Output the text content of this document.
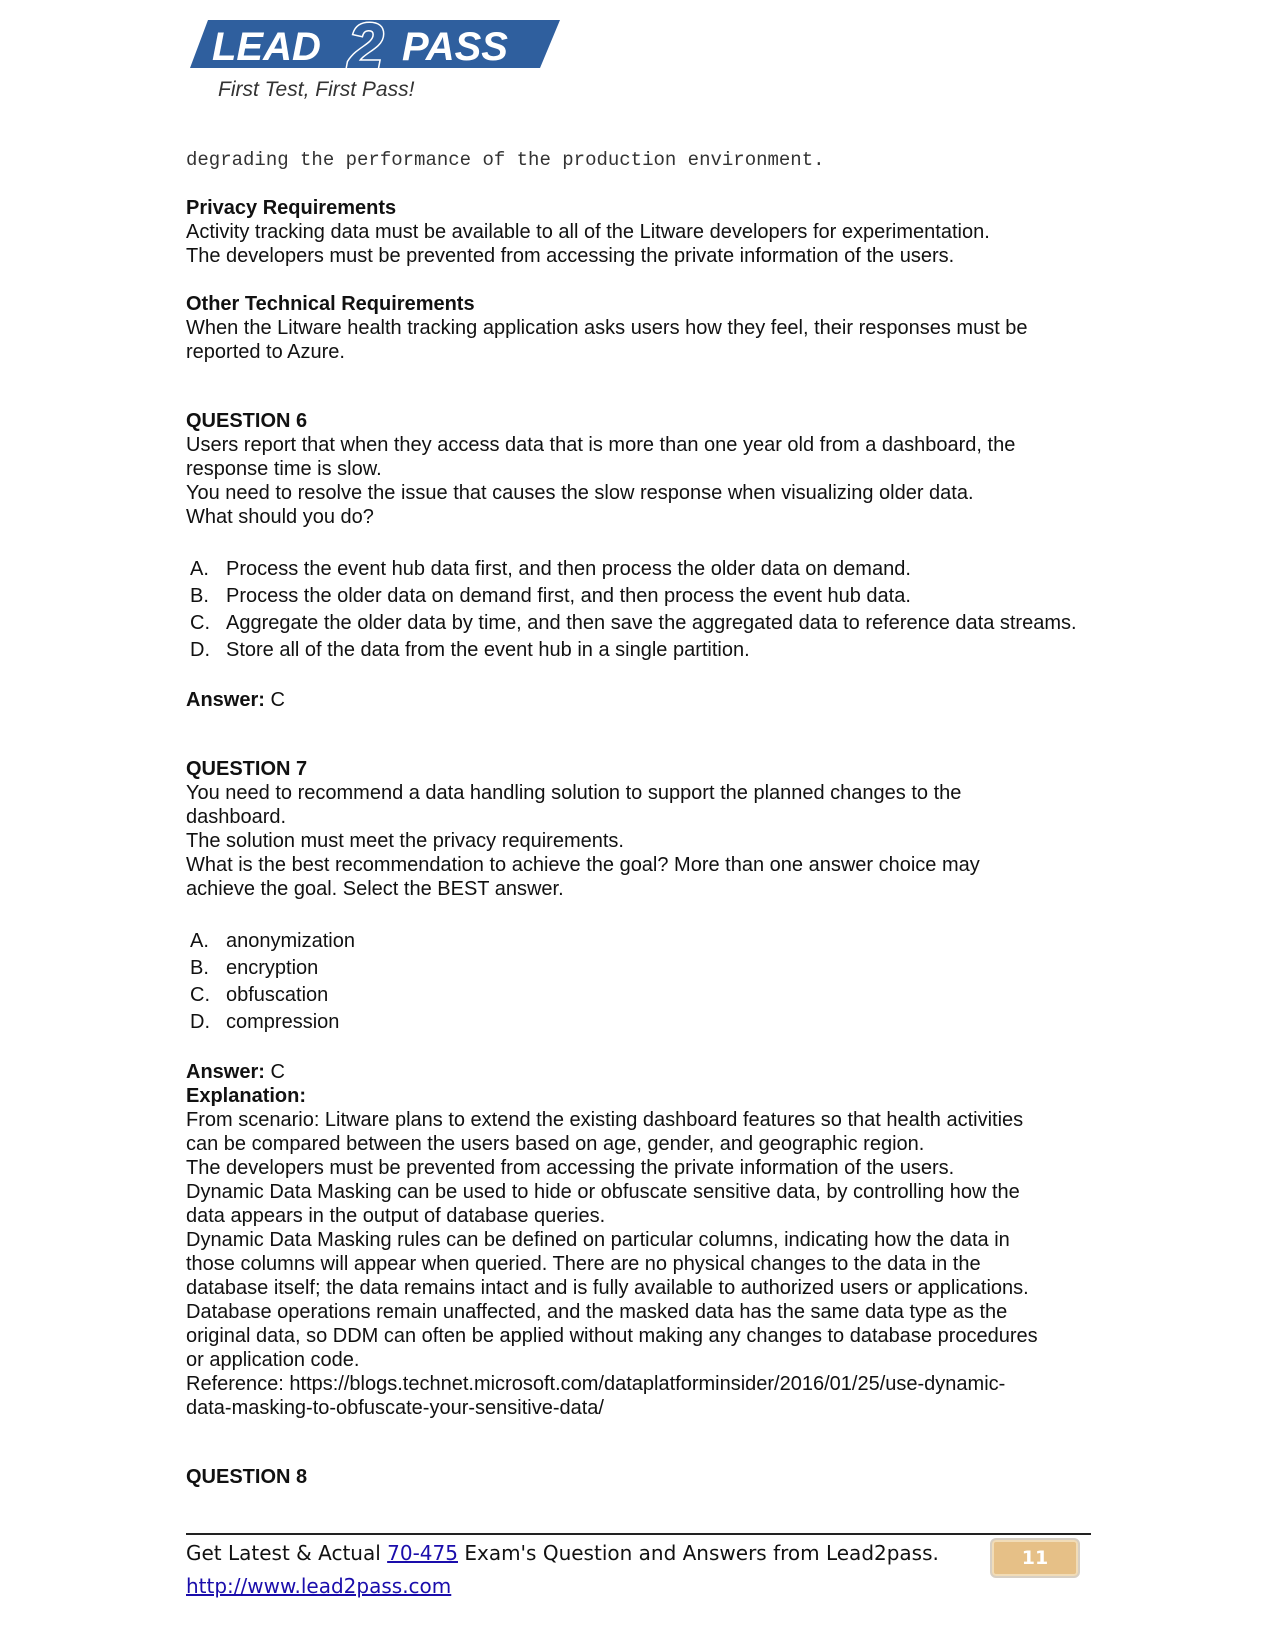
LEAD 2 PASS
First Test, First Pass!
degrading the performance of the production environment.
Privacy Requirements
Activity tracking data must be available to all of the Litware developers for experimentation.
The developers must be prevented from accessing the private information of the users.
Other Technical Requirements
When the Litware health tracking application asks users how they feel, their responses must be
reported to Azure.
QUESTION 6
Users report that when they access data that is more than one year old from a dashboard, the
response time is slow.
You need to resolve the issue that causes the slow response when visualizing older data.
What should you do?
A. Process the event hub data first, and then process the older data on demand.
B. Process the older data on demand first, and then process the event hub data.
C. Aggregate the older data by time, and then save the aggregated data to reference data streams.
D. Store all of the data from the event hub in a single partition.
Answer: C
QUESTION 7
You need to recommend a data handling solution to support the planned changes to the
dashboard.
The solution must meet the privacy requirements.
What is the best recommendation to achieve the goal? More than one answer choice may
achieve the goal. Select the BEST answer.
A. anonymization
B. encryption
C. obfuscation
D. compression
Answer: C
Explanation:
From scenario: Litware plans to extend the existing dashboard features so that health activities
can be compared between the users based on age, gender, and geographic region.
The developers must be prevented from accessing the private information of the users.
Dynamic Data Masking can be used to hide or obfuscate sensitive data, by controlling how the
data appears in the output of database queries.
Dynamic Data Masking rules can be defined on particular columns, indicating how the data in
those columns will appear when queried. There are no physical changes to the data in the
database itself; the data remains intact and is fully available to authorized users or applications.
Database operations remain unaffected, and the masked data has the same data type as the
original data, so DDM can often be applied without making any changes to database procedures
or application code.
Reference: https://blogs.technet.microsoft.com/dataplatforminsider/2016/01/25/use-dynamic-
data-masking-to-obfuscate-your-sensitive-data/
QUESTION 8
Get Latest & Actual 70-475 Exam's Question and Answers from Lead2pass.
http://www.lead2pass.com
11
